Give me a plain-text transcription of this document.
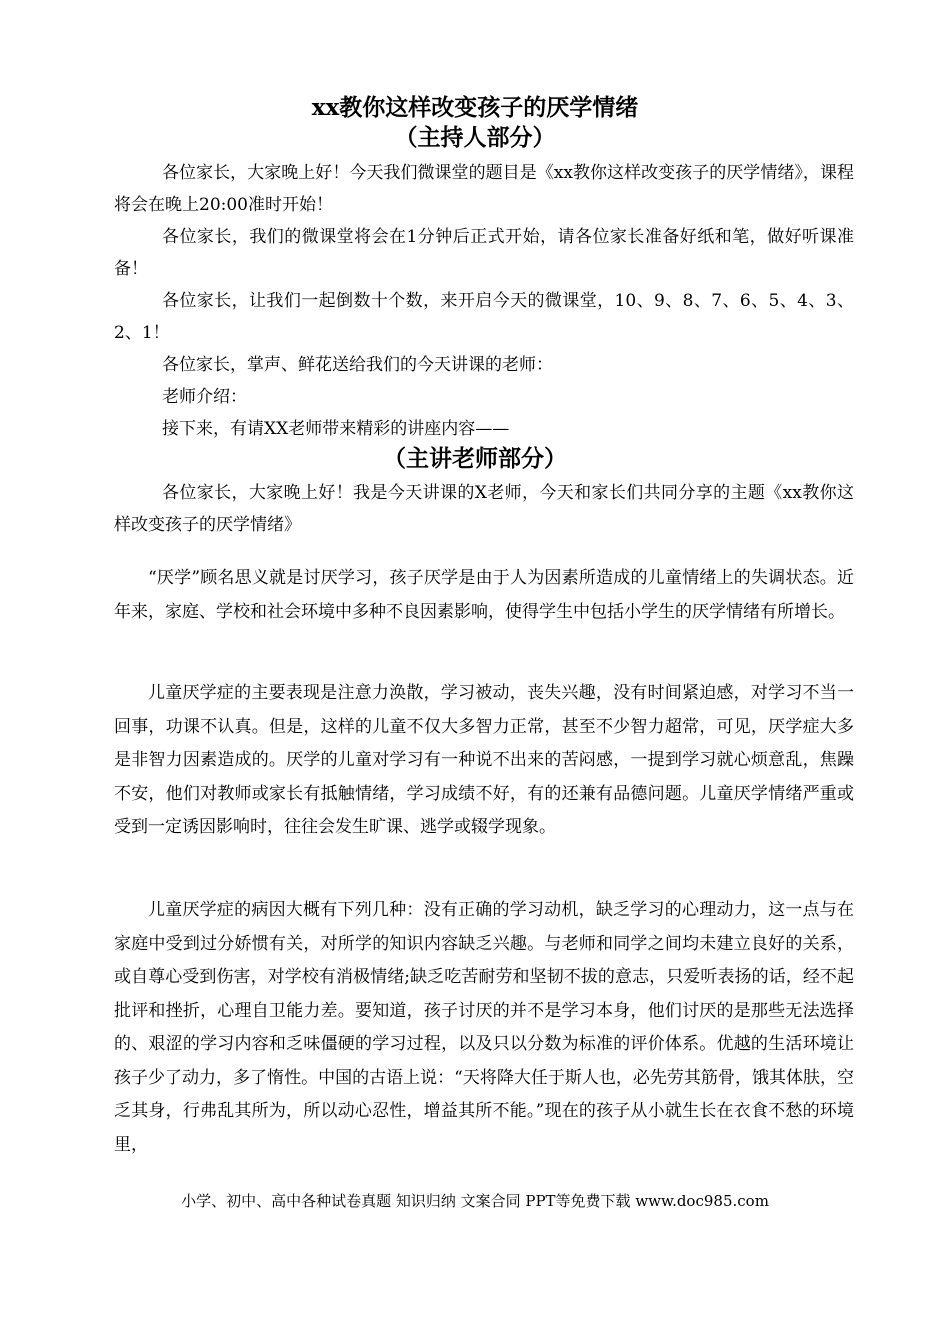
xx教你这样改变孩子的厌学情绪
（主持人部分）
各位家长，大家晚上好！今天我们微课堂的题目是《xx教你这样改变孩子的厌学情绪》，课程将会在晚上20:00准时开始！
各位家长，我们的微课堂将会在1分钟后正式开始，请各位家长准备好纸和笔，做好听课准备！
各位家长，让我们一起倒数十个数，来开启今天的微课堂，10、9、8、7、6、5、4、3、2、1！
各位家长，掌声、鲜花送给我们的今天讲课的老师：
老师介绍：
接下来，有请XX老师带来精彩的讲座内容——
（主讲老师部分）
各位家长，大家晚上好！我是今天讲课的X老师，今天和家长们共同分享的主题《xx教你这样改变孩子的厌学情绪》
“厌学”顾名思义就是讨厌学习，孩子厌学是由于人为因素所造成的儿童情绪上的失调状态。近年来，家庭、学校和社会环境中多种不良因素影响，使得学生中包括小学生的厌学情绪有所增长。
儿童厌学症的主要表现是注意力涣散，学习被动，丧失兴趣，没有时间紧迫感，对学习不当一回事，功课不认真。但是，这样的儿童不仅大多智力正常，甚至不少智力超常，可见，厌学症大多是非智力因素造成的。厌学的儿童对学习有一种说不出来的苦闷感，一提到学习就心烦意乱，焦躁不安，他们对教师或家长有抵触情绪，学习成绩不好，有的还兼有品德问题。儿童厌学情绪严重或受到一定诱因影响时，往往会发生旷课、逃学或辍学现象。
儿童厌学症的病因大概有下列几种：没有正确的学习动机，缺乏学习的心理动力，这一点与在家庭中受到过分娇惯有关，对所学的知识内容缺乏兴趣。与老师和同学之间均未建立良好的关系，或自尊心受到伤害，对学校有消极情绪;缺乏吃苦耐劳和坚韧不拔的意志，只爱听表扬的话，经不起批评和挫折，心理自卫能力差。要知道，孩子讨厌的并不是学习本身，他们讨厌的是那些无法选择的、艰涩的学习内容和乏味僵硬的学习过程，以及只以分数为标准的评价体系。优越的生活环境让孩子少了动力，多了惰性。中国的古语上说：“天将降大任于斯人也，必先劳其筋骨，饿其体肤，空乏其身，行弗乱其所为，所以动心忍性，增益其所不能。”现在的孩子从小就生长在衣食不愁的环境里，
小学、初中、高中各种试卷真题 知识归纳 文案合同 PPT等免费下载 www.doc985.com
